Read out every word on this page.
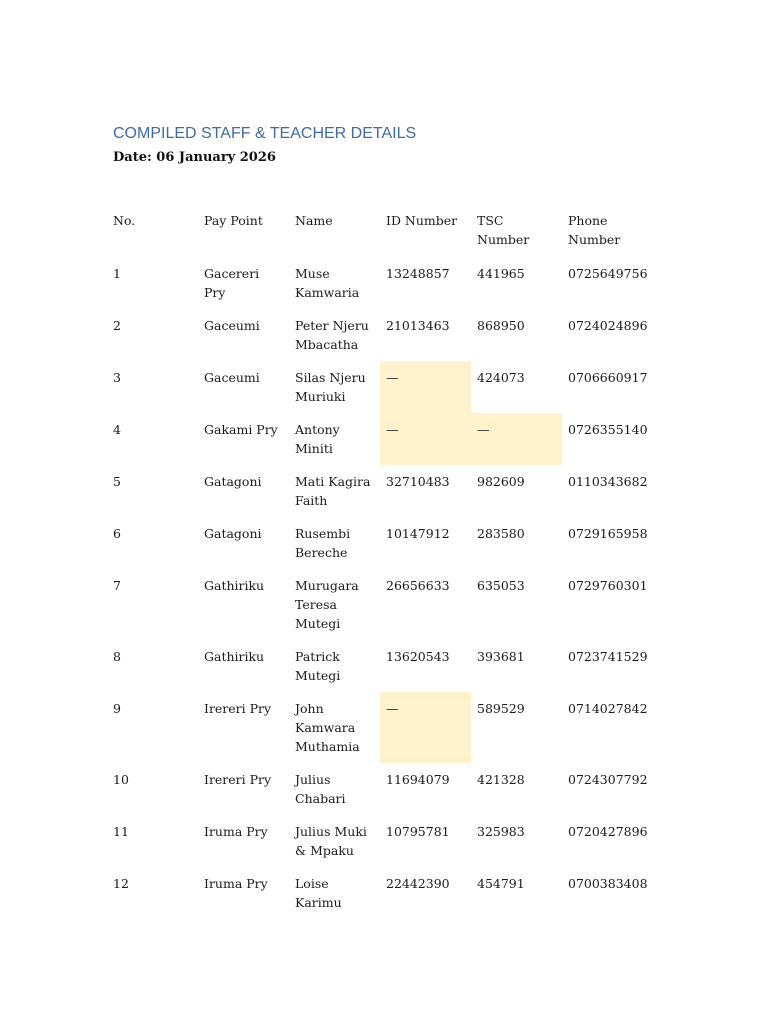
COMPILED STAFF & TEACHER DETAILS
Date: 06 January 2026
No.	Pay Point	Name	ID Number	TSC Number	Phone Number
1	Gacereri Pry	Muse Kamwaria	13248857	441965	0725649756
2	Gaceumi	Peter Njeru Mbacatha	21013463	868950	0724024896
3	Gaceumi	Silas Njeru Muriuki	—	424073	0706660917
4	Gakami Pry	Antony Miniti	—	—	0726355140
5	Gatagoni	Mati Kagira Faith	32710483	982609	0110343682
6	Gatagoni	Rusembi Bereche	10147912	283580	0729165958
7	Gathiriku	Murugara Teresa Mutegi	26656633	635053	0729760301
8	Gathiriku	Patrick Mutegi	13620543	393681	0723741529
9	Irereri Pry	John Kamwara Muthamia	—	589529	0714027842
10	Irereri Pry	Julius Chabari	11694079	421328	0724307792
11	Iruma Pry	Julius Muki & Mpaku	10795781	325983	0720427896
12	Iruma Pry	Loise Karimu	22442390	454791	0700383408
